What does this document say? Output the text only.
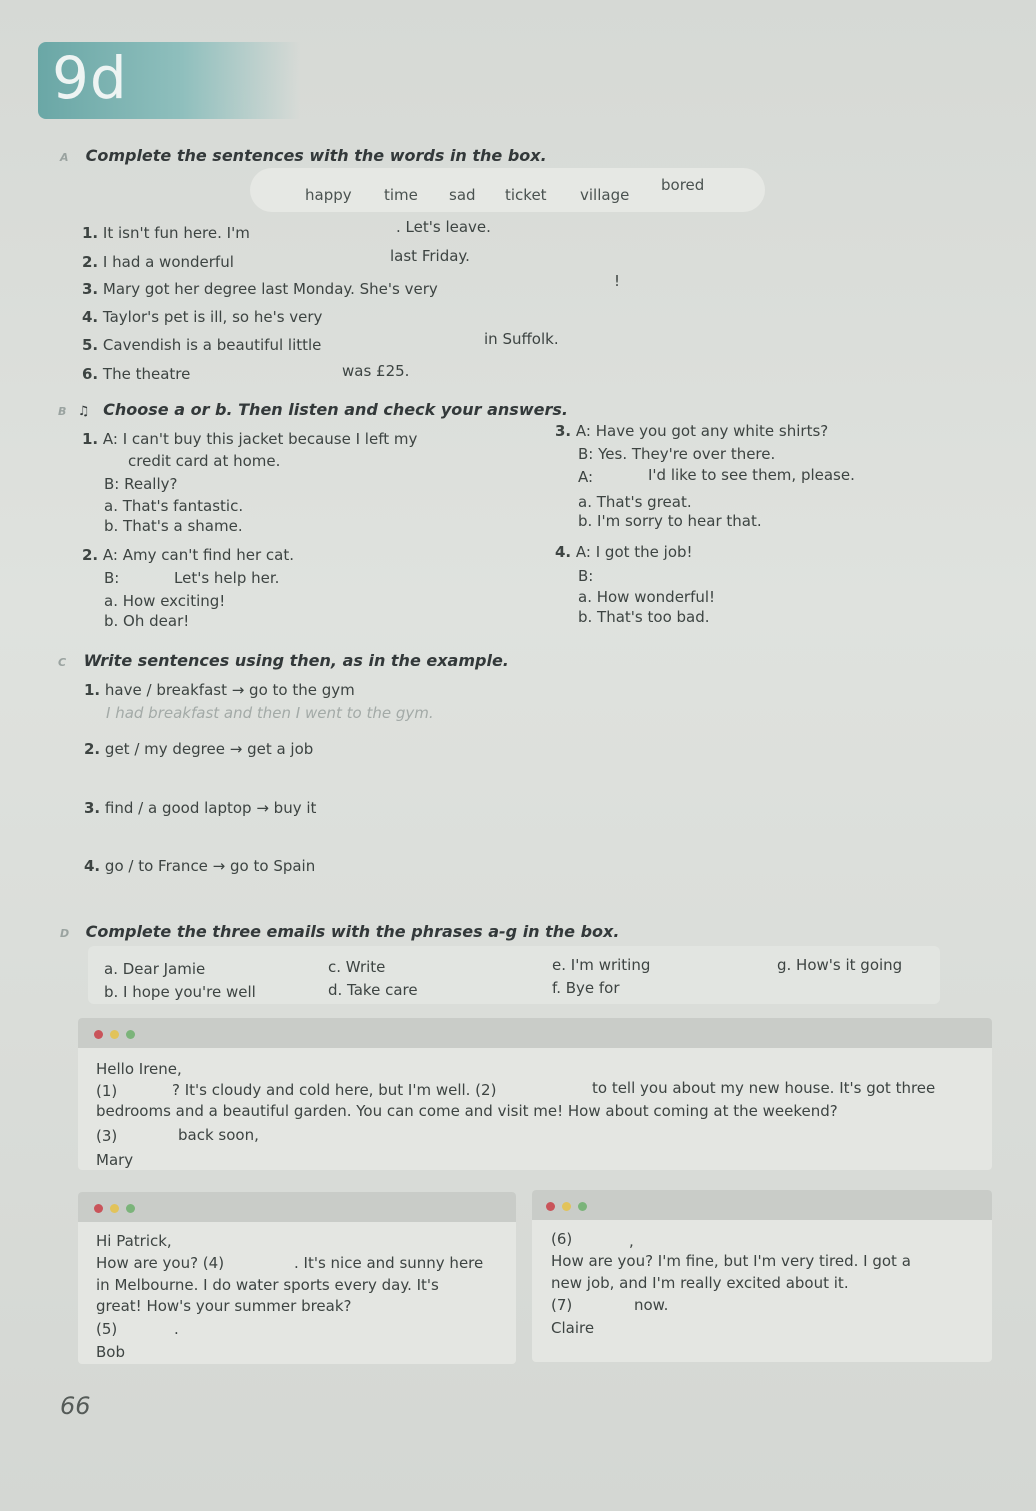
9d
A Complete the sentences with the words in the box.
happy time sad ticket village
bored
1. It isn't fun here. I'm	. Let's leave.
2. I had a wonderful	last Friday.
3. Mary got her degree last Monday. She's very	!
4. Taylor's pet is ill, so he's very
5. Cavendish is a beautiful little	in Suffolk.
6. The theatre	was £25.
B ♫ Choose a or b. Then listen and check your answers.
1. A: I can't buy this jacket because I left my
credit card at home.
B: Really?
a. That's fantastic.
b. That's a shame.
2. A: Amy can't find her cat.
B:	Let's help her.
a. How exciting!
b. Oh dear!
3. A: Have you got any white shirts?
B: Yes. They're over there.
A:	I'd like to see them, please.
a. That's great.
b. I'm sorry to hear that.
4. A: I got the job!
B:
a. How wonderful!
b. That's too bad.
C Write sentences using then, as in the example.
1. have / breakfast → go to the gym
I had breakfast and then I went to the gym.
2. get / my degree → get a job
3. find / a good laptop → buy it
4. go / to France → go to Spain
D Complete the three emails with the phrases a-g in the box.
a. Dear Jamie
b. I hope you're well
c. Write
d. Take care
e. I'm writing
f. Bye for
g. How's it going
Hello Irene,
(1)	? It's cloudy and cold here, but I'm well. (2)	to tell you about my new house. It's got three
bedrooms and a beautiful garden. You can come and visit me! How about coming at the weekend?
(3)	back soon,
Mary
Hi Patrick,
How are you? (4)	. It's nice and sunny here
in Melbourne. I do water sports every day. It's
great! How's your summer break?
(5)	.
Bob
(6)	,
How are you? I'm fine, but I'm very tired. I got a
new job, and I'm really excited about it.
(7)	now.
Claire
66
